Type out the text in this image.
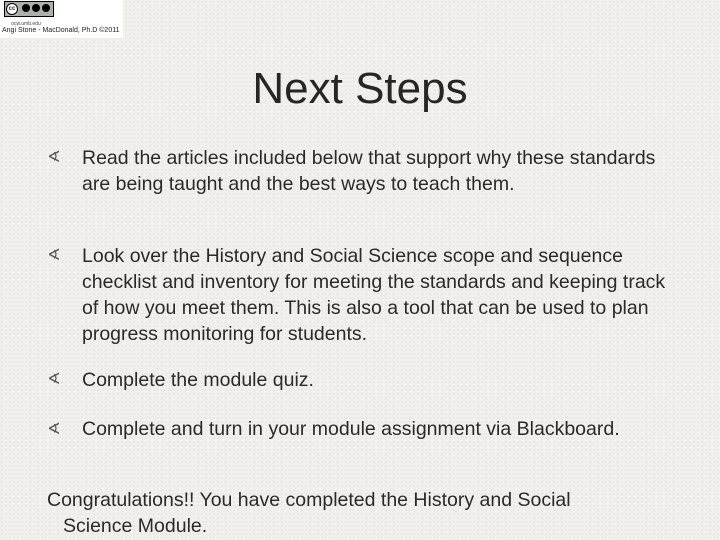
cc
ocw.umb.edu
Angi Stone - MacDonald, Ph.D ©2011
Next Steps
∢ Read the articles included below that support why these standards are being taught and the best ways to teach them.
∢ Look over the History and Social Science scope and sequence checklist and inventory for meeting the standards and keeping track of how you meet them. This is also a tool that can be used to plan progress monitoring for students.
∢ Complete the module quiz.
∢ Complete and turn in your module assignment via Blackboard.
Congratulations!! You have completed the History and Social
Science Module.
